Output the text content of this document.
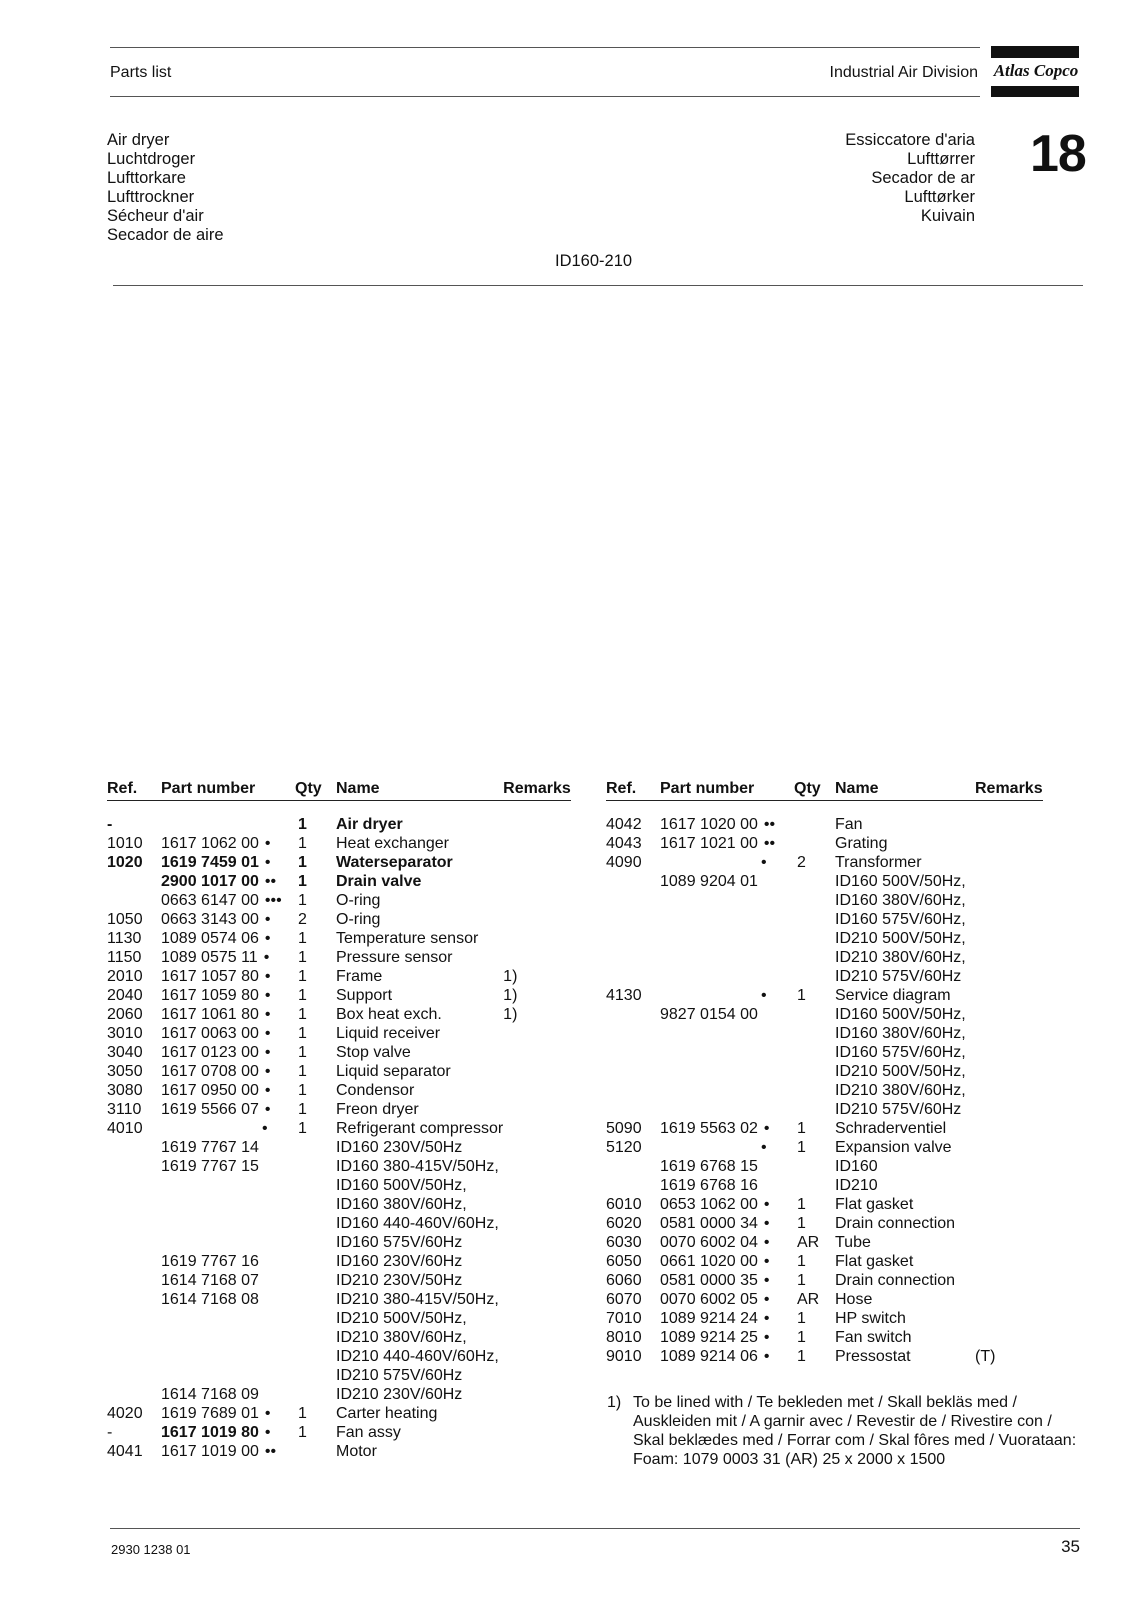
Parts list	Industrial Air Division Atlas Copco
Air dryer
Luchtdroger
Lufttorkare
Lufttrockner
Sécheur d'air
Secador de aire
Essiccatore d'aria
Lufttørrer
Secador de ar
Lufttørker
Kuivain
18
ID160-210
Ref.	Part number	Qty	Name	Remarks

-		1	Air dryer	
1010	1617 1062 00 •	1	Heat exchanger	
1020	1619 7459 01 •	1	Waterseparator	
	2900 1017 00 ••	1	Drain valve	
	0663 6147 00 •••	1	O-ring	
1050	0663 3143 00 •	2	O-ring	
1130	1089 0574 06 •	1	Temperature sensor	
1150	1089 0575 11 •	1	Pressure sensor	
2010	1617 1057 80 •	1	Frame	1)
2040	1617 1059 80 •	1	Support	1)
2060	1617 1061 80 •	1	Box heat exch.	1)
3010	1617 0063 00 •	1	Liquid receiver	
3040	1617 0123 00 •	1	Stop valve	
3050	1617 0708 00 •	1	Liquid separator	
3080	1617 0950 00 •	1	Condensor	
3110	1619 5566 07 •	1	Freon dryer	
4010	•	1	Refrigerant compressor	
	1619 7767 14		ID160 230V/50Hz	
	1619 7767 15		ID160 380-415V/50Hz,	
			ID160 500V/50Hz,	
			ID160 380V/60Hz,	
			ID160 440-460V/60Hz,	
			ID160 575V/60Hz	
	1619 7767 16		ID160 230V/60Hz	
	1614 7168 07		ID210 230V/50Hz	
	1614 7168 08		ID210 380-415V/50Hz,	
			ID210 500V/50Hz,	
			ID210 380V/60Hz,	
			ID210 440-460V/60Hz,	
			ID210 575V/60Hz	
	1614 7168 09		ID210 230V/60Hz	
4020	1619 7689 01 •	1	Carter heating	
-	1617 1019 80 •	1	Fan assy	
4041	1617 1019 00 ••		Motor	
Ref.	Part number	Qty	Name	Remarks

4042	1617 1020 00 ••		Fan	
4043	1617 1021 00 ••		Grating	
4090	•	2	Transformer	
	1089 9204 01		ID160 500V/50Hz,	
			ID160 380V/60Hz,	
			ID160 575V/60Hz,	
			ID210 500V/50Hz,	
			ID210 380V/60Hz,	
			ID210 575V/60Hz	
4130	•	1	Service diagram	
	9827 0154 00		ID160 500V/50Hz,	
			ID160 380V/60Hz,	
			ID160 575V/60Hz,	
			ID210 500V/50Hz,	
			ID210 380V/60Hz,	
			ID210 575V/60Hz	
5090	1619 5563 02 •	1	Schraderventiel	
5120	•	1	Expansion valve	
	1619 6768 15		ID160	
	1619 6768 16		ID210	
6010	0653 1062 00 •	1	Flat gasket	
6020	0581 0000 34 •	1	Drain connection	
6030	0070 6002 04 •	AR	Tube	
6050	0661 1020 00 •	1	Flat gasket	
6060	0581 0000 35 •	1	Drain connection	
6070	0070 6002 05 •	AR	Hose	
7010	1089 9214 24 •	1	HP switch	
8010	1089 9214 25 •	1	Fan switch	
9010	1089 9214 06 •	1	Pressostat	(T)
1) To be lined with / Te bekleden met / Skall bekläs med /
Auskleiden mit / A garnir avec / Revestir de / Rivestire con /
Skal beklædes med / Forrar com / Skal fôres med / Vuorataan:
Foam: 1079 0003 31 (AR) 25 x 2000 x 1500
2930 1238 01	35
